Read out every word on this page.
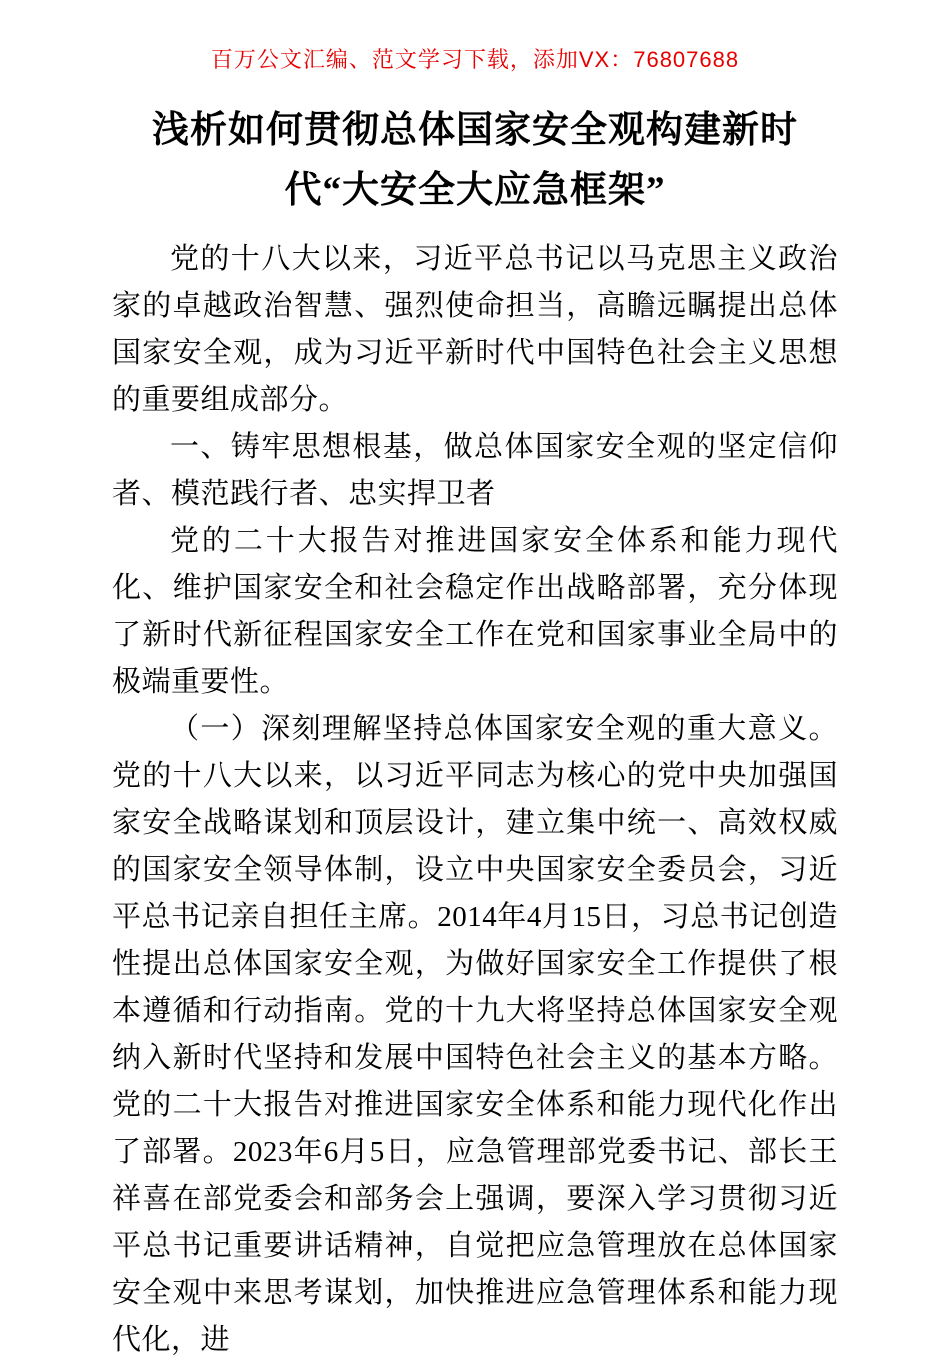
百万公文汇编、范文学习下载，添加VX：76807688
浅析如何贯彻总体国家安全观构建新时代“大安全大应急框架”

党的十八大以来，习近平总书记以马克思主义政治家的卓越政治智慧、强烈使命担当，高瞻远瞩提出总体国家安全观，成为习近平新时代中国特色社会主义思想的重要组成部分。

一、铸牢思想根基，做总体国家安全观的坚定信仰者、模范践行者、忠实捍卫者

党的二十大报告对推进国家安全体系和能力现代化、维护国家安全和社会稳定作出战略部署，充分体现了新时代新征程国家安全工作在党和国家事业全局中的极端重要性。

（一）深刻理解坚持总体国家安全观的重大意义。党的十八大以来，以习近平同志为核心的党中央加强国家安全战略谋划和顶层设计，建立集中统一、高效权威的国家安全领导体制，设立中央国家安全委员会，习近平总书记亲自担任主席。2014年4月15日，习总书记创造性提出总体国家安全观，为做好国家安全工作提供了根本遵循和行动指南。党的十九大将坚持总体国家安全观纳入新时代坚持和发展中国特色社会主义的基本方略。党的二十大报告对推进国家安全体系和能力现代化作出了部署。2023年6月5日，应急管理部党委书记、部长王祥喜在部党委会和部务会上强调，要深入学习贯彻习近平总书记重要讲话精神，自觉把应急管理放在总体国家安全观中来思考谋划，加快推进应急管理体系和能力现代化，进
